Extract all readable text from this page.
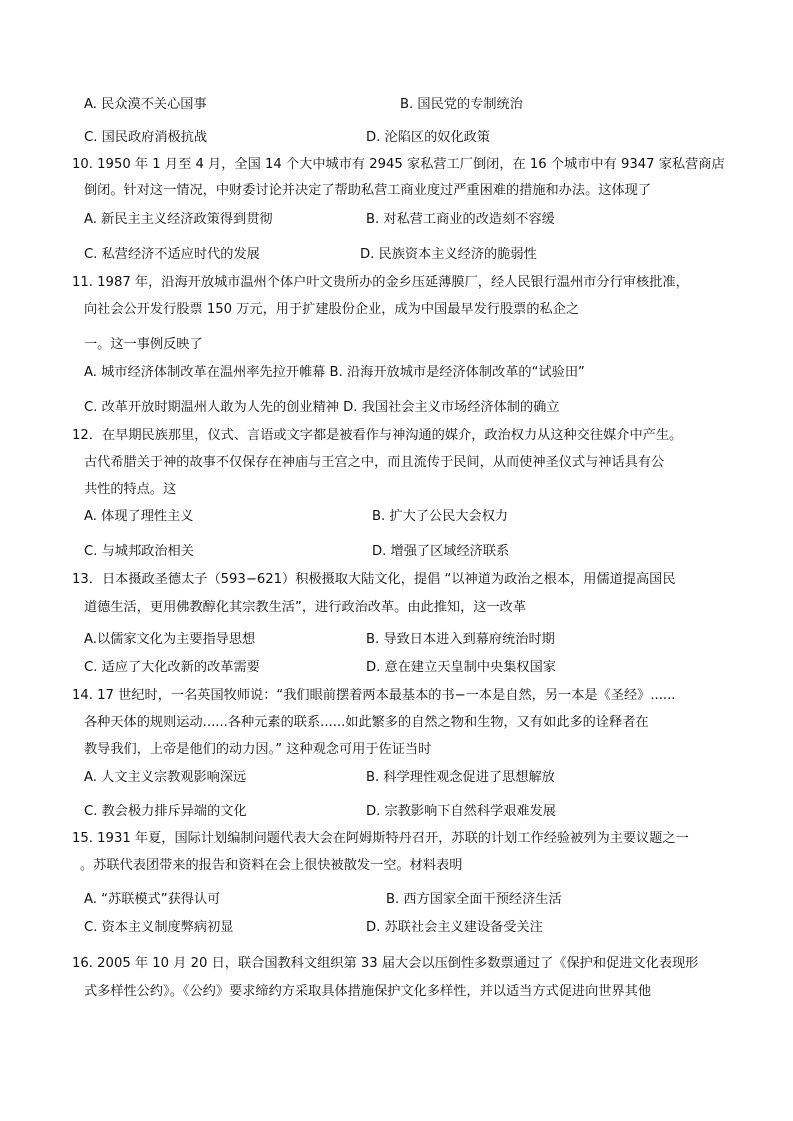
A. 民众漠不关心国事	B. 国民党的专制统治
C. 国民政府消极抗战	D. 沦陷区的奴化政策
10. 1950 年 1 月至 4 月，全国 14 个大中城市有 2945 家私营工厂倒闭，在 16 个城市中有 9347 家私营商店
倒闭。针对这一情况，中财委讨论并决定了帮助私营工商业度过严重困难的措施和办法。这体现了
A. 新民主主义经济政策得到贯彻	B. 对私营工商业的改造刻不容缓
C. 私营经济不适应时代的发展	D. 民族资本主义经济的脆弱性
11. 1987 年，沿海开放城市温州个体户叶文贵所办的金乡压延薄膜厂，经人民银行温州市分行审核批准，
向社会公开发行股票 150 万元，用于扩建股份企业，成为中国最早发行股票的私企之
一。这一事例反映了
A. 城市经济体制改革在温州率先拉开帷幕 B. 沿海开放城市是经济体制改革的“试验田”
C. 改革开放时期温州人敢为人先的创业精神 D. 我国社会主义市场经济体制的确立
12．在早期民族那里，仪式、言语或文字都是被看作与神沟通的媒介，政治权力从这种交往媒介中产生。
古代希腊关于神的故事不仅保存在神庙与王宫之中，而且流传于民间，从而使神圣仪式与神话具有公
共性的特点。这
A. 体现了理性主义	B. 扩大了公民大会权力
C. 与城邦政治相关	D. 增强了区域经济联系
13．日本摄政圣德太子（593−621）积极摄取大陆文化，提倡 “以神道为政治之根本，用儒道提高国民
道德生活，更用佛教醇化其宗教生活”，进行政治改革。由此推知，这一改革
A.以儒家文化为主要指导思想	B. 导致日本进入到幕府统治时期
C. 适应了大化改新的改革需要	D. 意在建立天皇制中央集权国家
14. 17 世纪时，一名英国牧师说：“我们眼前摆着两本最基本的书−一本是自然，另一本是《圣经》......
各种天体的规则运动......各种元素的联系......如此繁多的自然之物和生物，又有如此多的诠释者在
教导我们，上帝是他们的动力因。” 这种观念可用于佐证当时
A. 人文主义宗教观影响深远	B. 科学理性观念促进了思想解放
C. 教会极力排斥异端的文化	D. 宗教影响下自然科学艰难发展
15. 1931 年夏，国际计划编制问题代表大会在阿姆斯特丹召开，苏联的计划工作经验被列为主要议题之一
。苏联代表团带来的报告和资料在会上很快被散发一空。材料表明
A. “苏联模式”获得认可	B. 西方国家全面干预经济生活
C. 资本主义制度弊病初显	D. 苏联社会主义建设备受关注
16. 2005 年 10 月 20 日，联合国教科文组织第 33 届大会以压倒性多数票通过了《保护和促进文化表现形
式多样性公约》。《公约》要求缔约方采取具体措施保护文化多样性，并以适当方式促进向世界其他
